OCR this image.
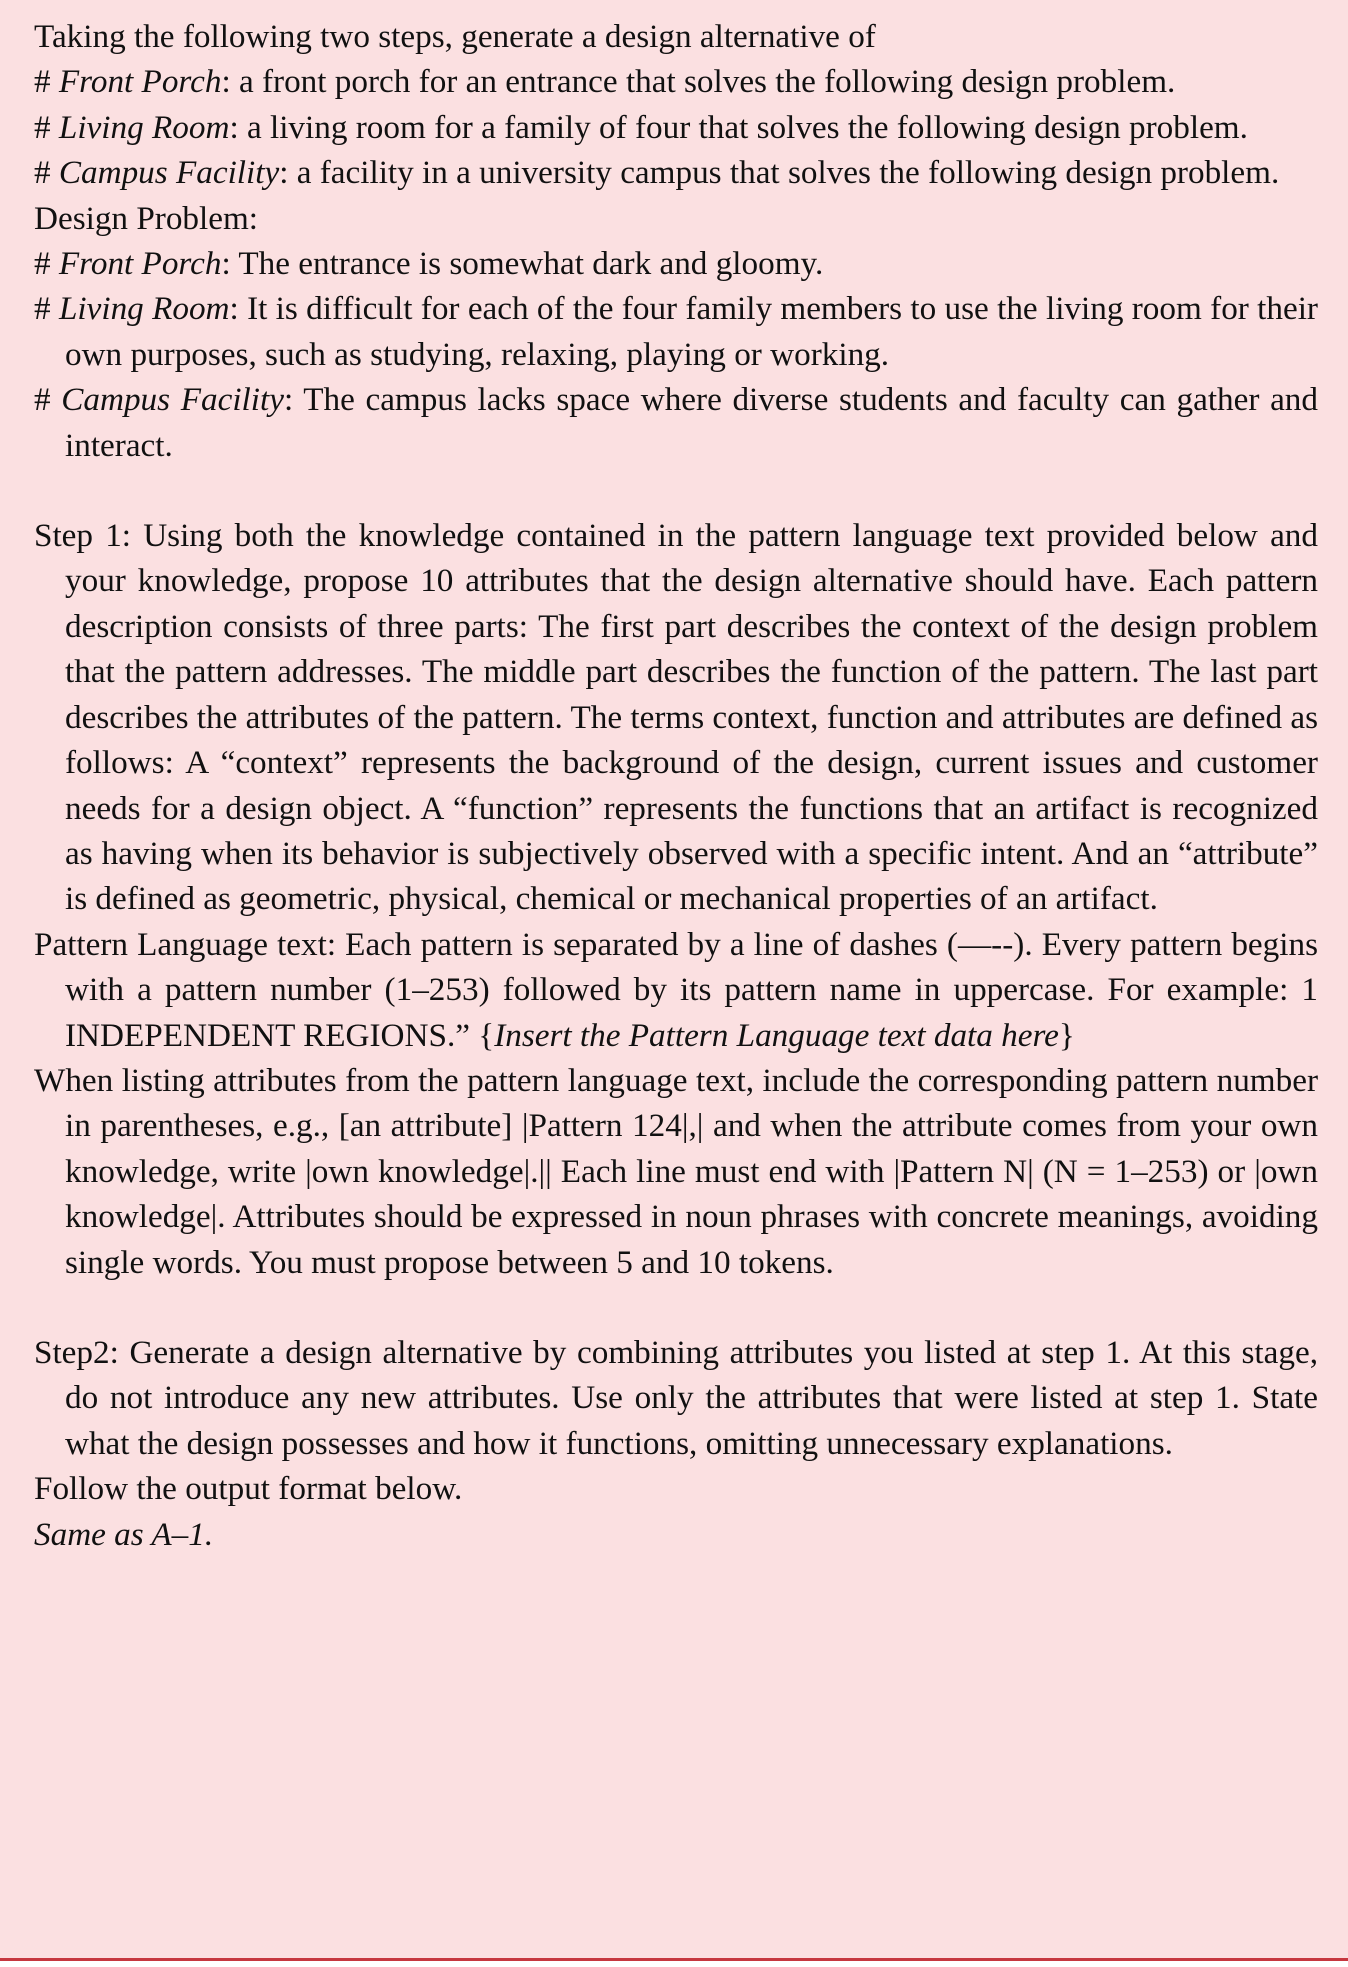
Taking the following two steps, generate a design alternative of

# Front Porch: a front porch for an entrance that solves the following design problem.

# Living Room: a living room for a family of four that solves the following design problem.

# Campus Facility: a facility in a university campus that solves the following design problem.

Design Problem:

# Front Porch: The entrance is somewhat dark and gloomy.

# Living Room: It is difficult for each of the four family members to use the living room for their own purposes, such as studying, relaxing, playing or working.

# Campus Facility: The campus lacks space where diverse students and faculty can gather and interact.

Step 1: Using both the knowledge contained in the pattern language text provided below and your knowledge, propose 10 attributes that the design alternative should have. Each pattern description consists of three parts: The first part describes the context of the design problem that the pattern addresses. The middle part describes the function of the pattern. The last part describes the attributes of the pattern. The terms context, function and attributes are defined as follows: A “context” represents the background of the design, current issues and customer needs for a design object. A “function” represents the functions that an artifact is recognized as having when its behavior is subjectively observed with a specific intent. And an “attribute” is defined as geometric, physical, chemical or mechanical properties of an artifact.

Pattern Language text: Each pattern is separated by a line of dashes (—--). Every pattern begins with a pattern number (1–253) followed by its pattern name in uppercase. For example: 1 INDEPENDENT REGIONS.” {Insert the Pattern Language text data here}

When listing attributes from the pattern language text, include the corresponding pattern number in parentheses, e.g., [an attribute] |Pattern 124|,| and when the attribute comes from your own knowledge, write |own knowledge|.|| Each line must end with |Pattern N| (N = 1–253) or |own knowledge|. Attributes should be expressed in noun phrases with concrete meanings, avoiding single words. You must propose between 5 and 10 tokens.

Step2: Generate a design alternative by combining attributes you listed at step 1. At this stage, do not introduce any new attributes. Use only the attributes that were listed at step 1. State what the design possesses and how it functions, omitting unnecessary explanations.

Follow the output format below.

Same as A–1.
